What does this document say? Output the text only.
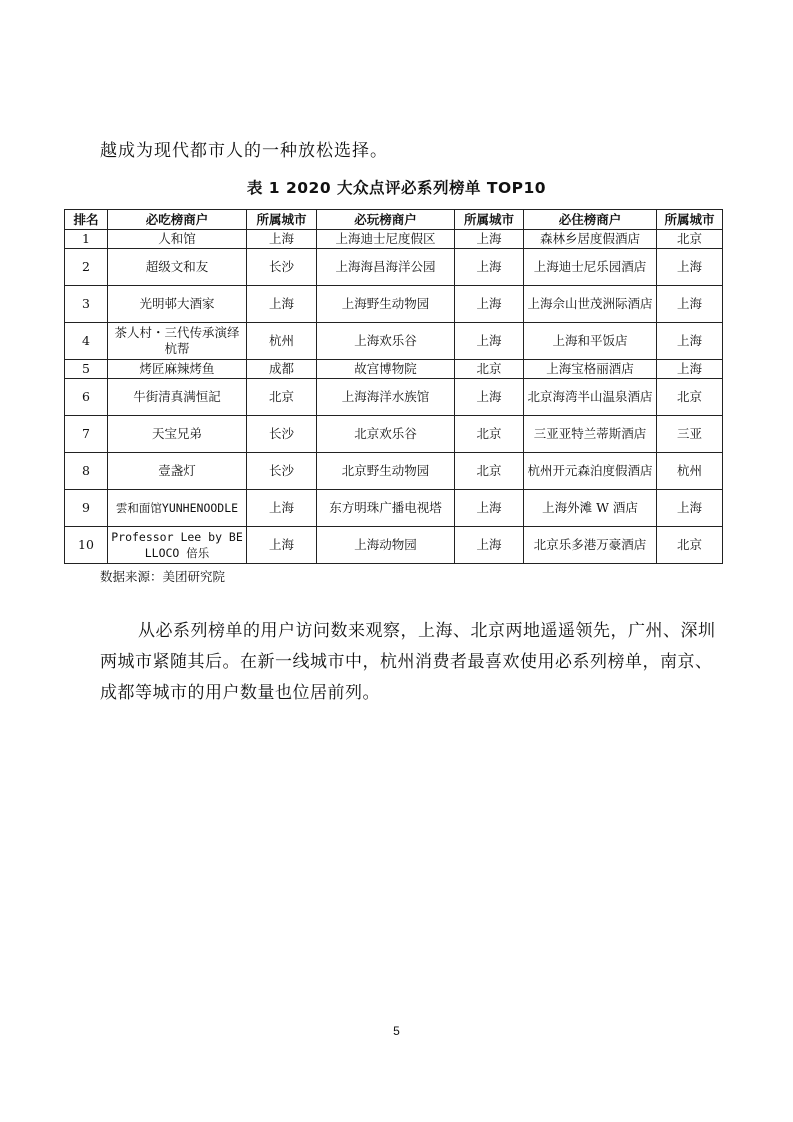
越成为现代都市人的一种放松选择。
表 1 2020 大众点评必系列榜单 TOP10
排名	必吃榜商户	所属城市	必玩榜商户	所属城市	必住榜商户	所属城市
1	人和馆	上海	上海迪士尼度假区	上海	森林乡居度假酒店	北京
2	超级文和友	长沙	上海海昌海洋公园	上海	上海迪士尼乐园酒店	上海
3	光明邨大酒家	上海	上海野生动物园	上海	上海佘山世茂洲际酒店	上海
4	茶人村・三代传承演绎杭帮	杭州	上海欢乐谷	上海	上海和平饭店	上海
5	烤匠麻辣烤鱼	成都	故宫博物院	北京	上海宝格丽酒店	上海
6	牛街清真满恒記	北京	上海海洋水族馆	上海	北京海湾半山温泉酒店	北京
7	天宝兄弟	长沙	北京欢乐谷	北京	三亚亚特兰蒂斯酒店	三亚
8	壹盏灯	长沙	北京野生动物园	北京	杭州开元森泊度假酒店	杭州
9	雲和面馆YUNHENOODLE	上海	东方明珠广播电视塔	上海	上海外滩 W 酒店	上海
10	Professor Lee by BELLOCO 倍乐	上海	上海动物园	上海	北京乐多港万豪酒店	北京
数据来源：美团研究院
从必系列榜单的用户访问数来观察，上海、北京两地遥遥领先，广州、深圳两城市紧随其后。在新一线城市中，杭州消费者最喜欢使用必系列榜单，南京、成都等城市的用户数量也位居前列。
5
